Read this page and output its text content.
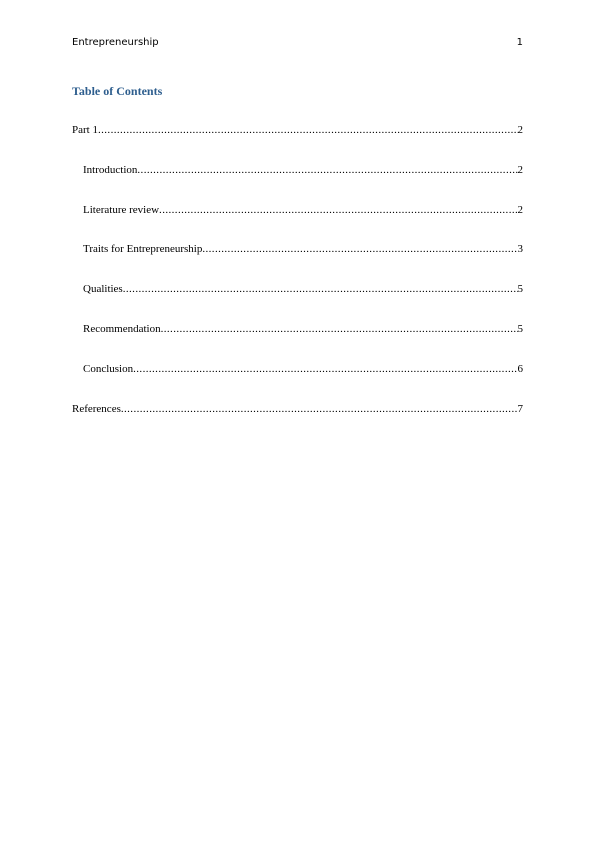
Entrepreneurship	1
Table of Contents
Part 1 .....	2
Introduction .....	2
Literature review .....	2
Traits for Entrepreneurship .....	3
Qualities .....	5
Recommendation .....	5
Conclusion .....	6
References .....	7
